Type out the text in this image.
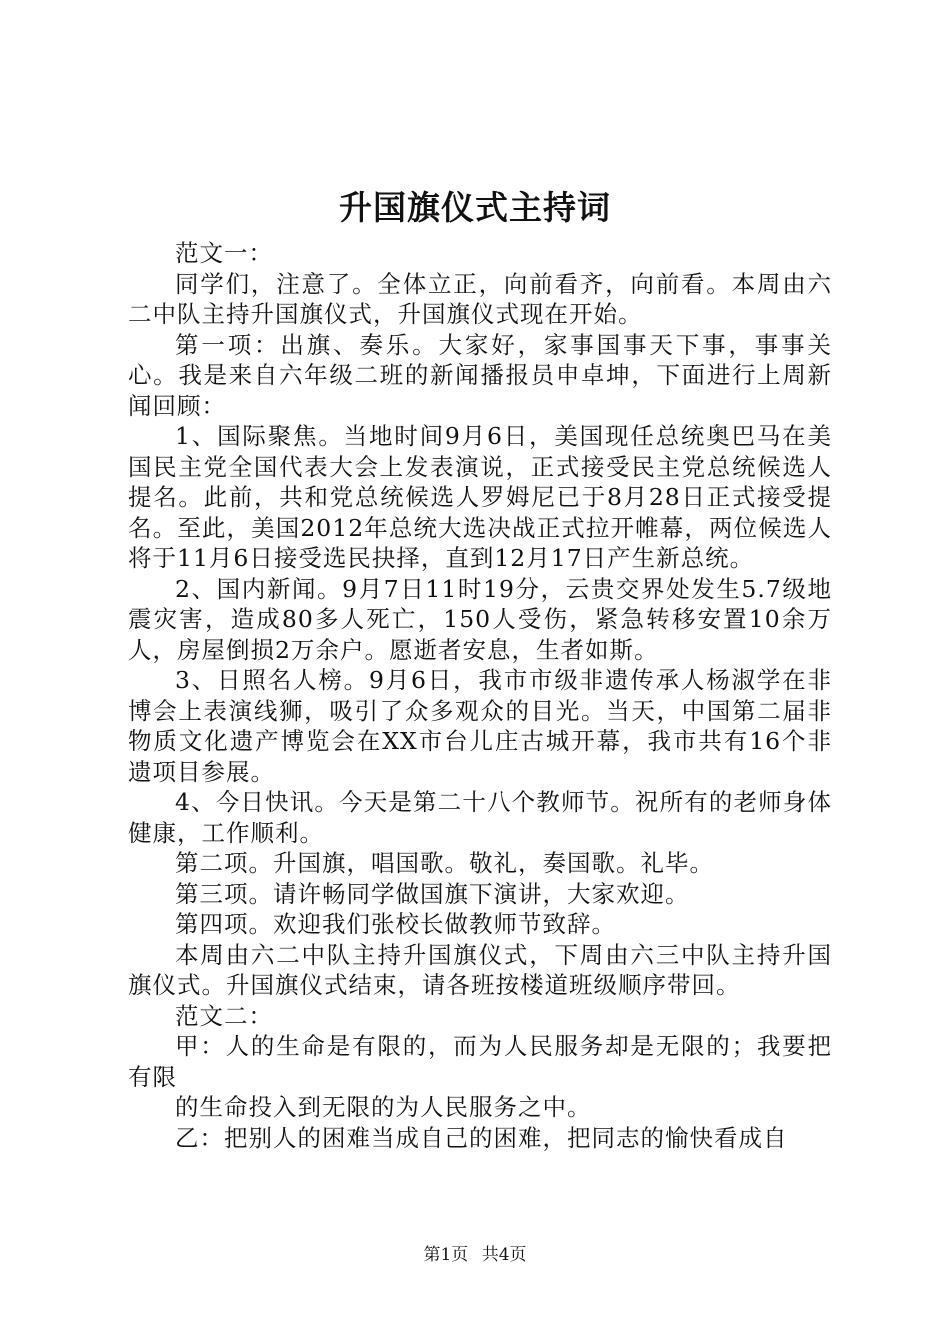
升国旗仪式主持词

范文一：

同学们，注意了。全体立正，向前看齐，向前看。本周由六二中队主持升国旗仪式，升国旗仪式现在开始。

第一项：出旗、奏乐。大家好，家事国事天下事，事事关心。我是来自六年级二班的新闻播报员申卓坤，下面进行上周新闻回顾：

1、国际聚焦。当地时间9月6日，美国现任总统奥巴马在美国民主党全国代表大会上发表演说，正式接受民主党总统候选人提名。此前，共和党总统候选人罗姆尼已于8月28日正式接受提名。至此，美国2012年总统大选决战正式拉开帷幕，两位候选人将于11月6日接受选民抉择，直到12月17日产生新总统。

2、国内新闻。9月7日11时19分，云贵交界处发生5.7级地震灾害，造成80多人死亡，150人受伤，紧急转移安置10余万人，房屋倒损2万余户。愿逝者安息，生者如斯。

3、日照名人榜。9月6日，我市市级非遗传承人杨淑学在非博会上表演线狮，吸引了众多观众的目光。当天，中国第二届非物质文化遗产博览会在XX市台儿庄古城开幕，我市共有16个非遗项目参展。

4、今日快讯。今天是第二十八个教师节。祝所有的老师身体健康，工作顺利。

第二项。升国旗，唱国歌。敬礼，奏国歌。礼毕。

第三项。请许畅同学做国旗下演讲，大家欢迎。

第四项。欢迎我们张校长做教师节致辞。

本周由六二中队主持升国旗仪式，下周由六三中队主持升国旗仪式。升国旗仪式结束，请各班按楼道班级顺序带回。

范文二：

甲：人的生命是有限的，而为人民服务却是无限的；我要把有限

的生命投入到无限的为人民服务之中。

乙：把别人的困难当成自己的困难，把同志的愉快看成自

第1页 共4页
